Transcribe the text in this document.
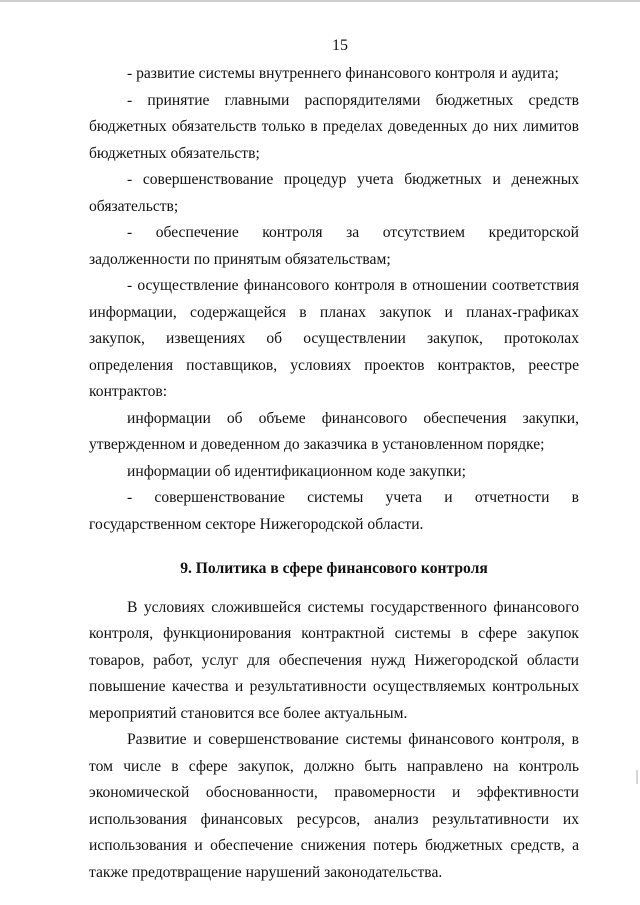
15

- развитие системы внутреннего финансового контроля и аудита;

- принятие главными распорядителями бюджетных средств бюджетных обязательств только в пределах доведенных до них лимитов бюджетных обязательств;

- совершенствование процедур учета бюджетных и денежных обязательств;

- обеспечение контроля за отсутствием кредиторской задолженности по принятым обязательствам;

- осуществление финансового контроля в отношении соответствия информации, содержащейся в планах закупок и планах-графиках закупок, извещениях об осуществлении закупок, протоколах определения поставщиков, условиях проектов контрактов, реестре контрактов:

информации об объеме финансового обеспечения закупки, утвержденном и доведенном до заказчика в установленном порядке;

информации об идентификационном коде закупки;

- совершенствование системы учета и отчетности в государственном секторе Нижегородской области.

9. Политика в сфере финансового контроля

В условиях сложившейся системы государственного финансового контроля, функционирования контрактной системы в сфере закупок товаров, работ, услуг для обеспечения нужд Нижегородской области повышение качества и результативности осуществляемых контрольных мероприятий становится все более актуальным.

Развитие и совершенствование системы финансового контроля, в том числе в сфере закупок, должно быть направлено на контроль экономической обоснованности, правомерности и эффективности использования финансовых ресурсов, анализ результативности их использования и обеспечение снижения потерь бюджетных средств, а также предотвращение нарушений законодательства.
